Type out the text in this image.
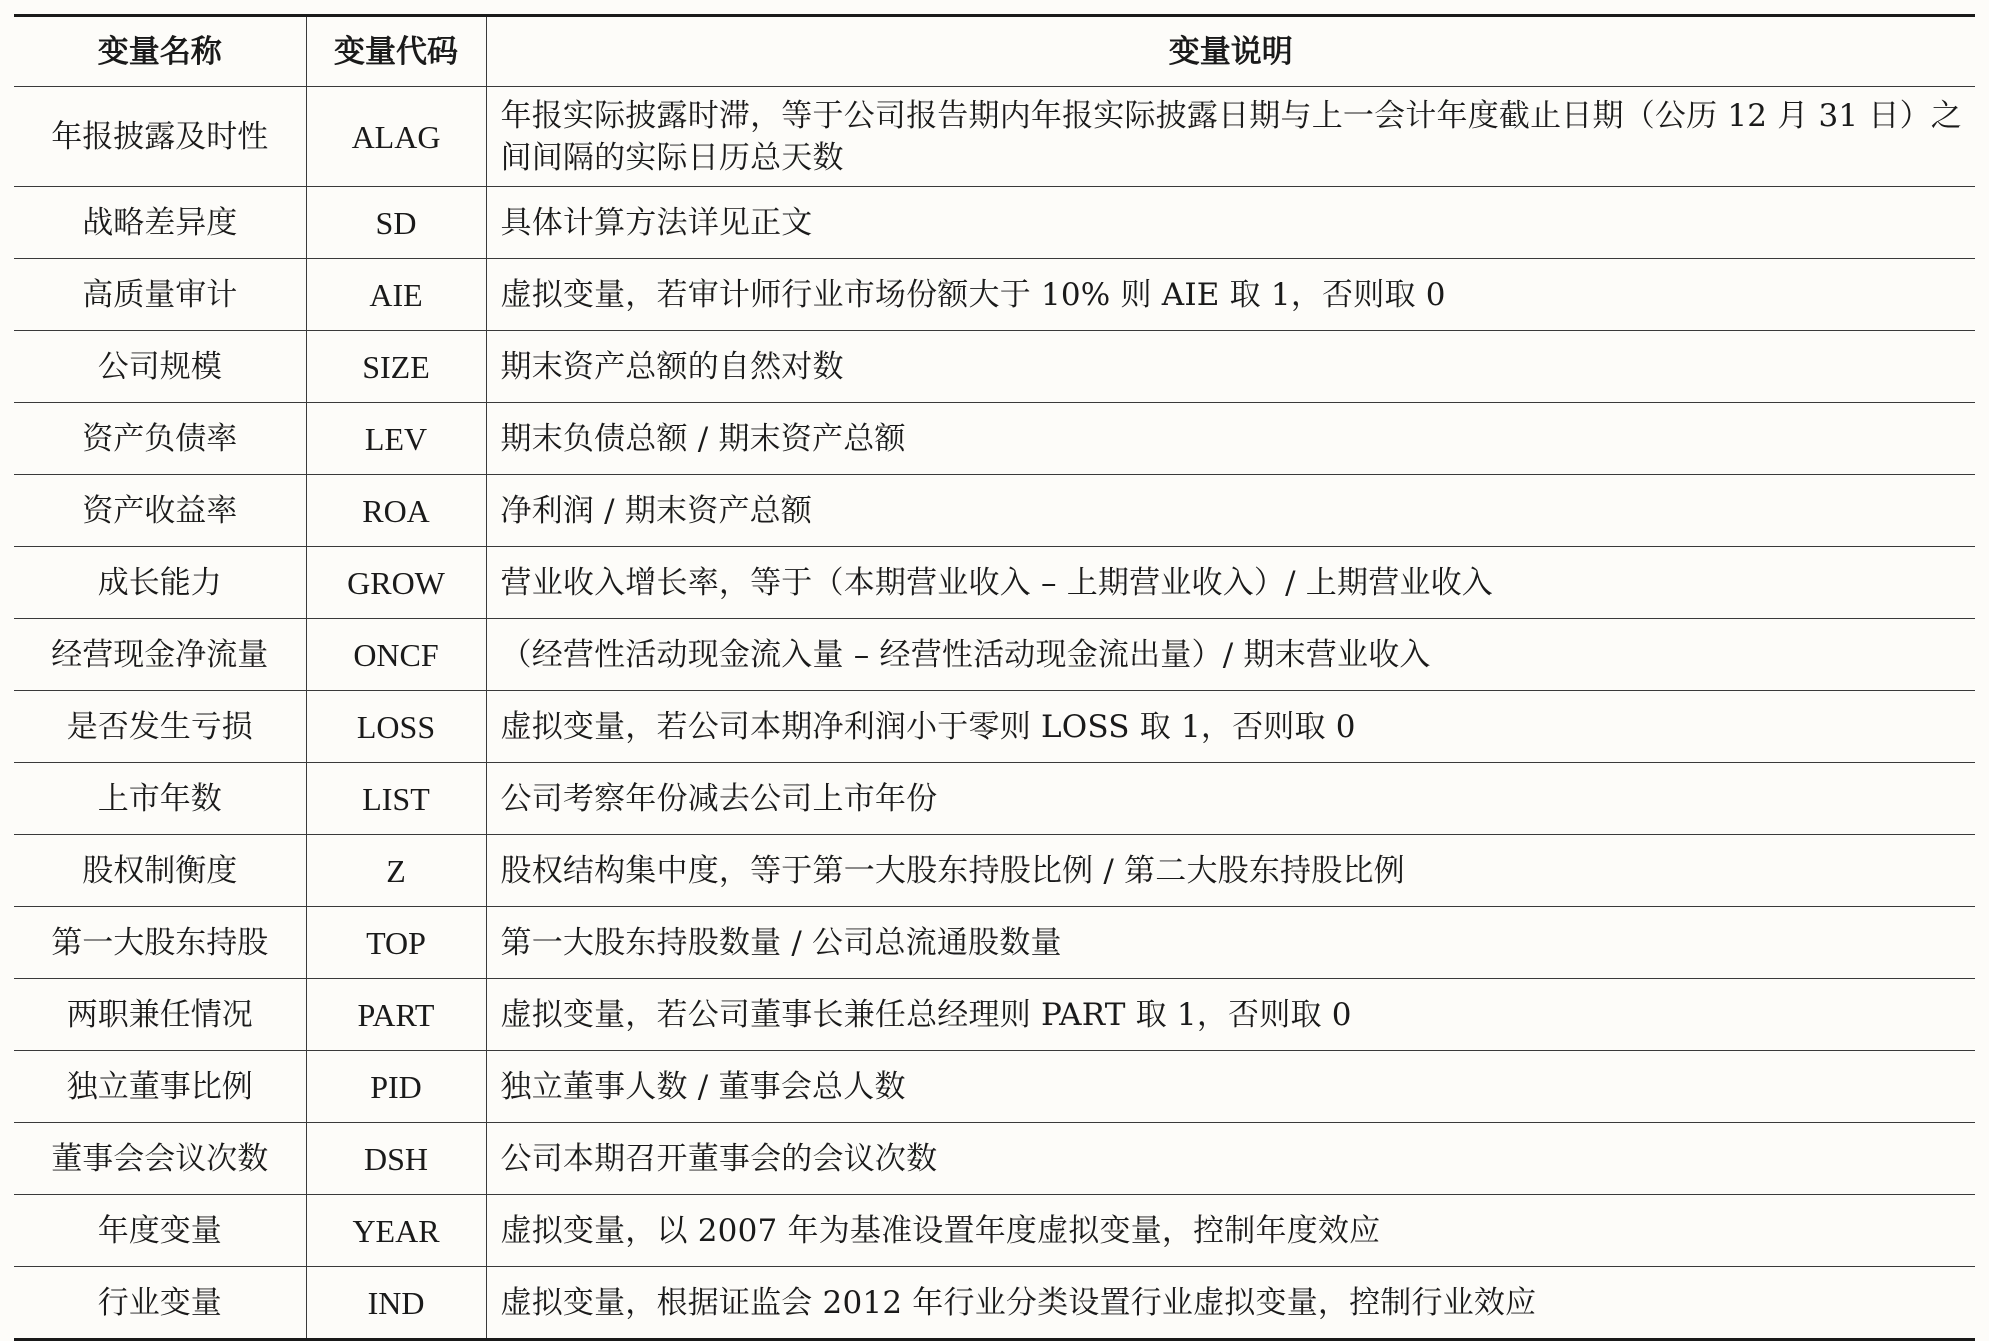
变量名称	变量代码	变量说明
年报披露及时性	ALAG	年报实际披露时滞，等于公司报告期内年报实际披露日期与上一会计年度截止日期（公历 12 月 31 日）之间间隔的实际日历总天数
战略差异度	SD	具体计算方法详见正文
高质量审计	AIE	虚拟变量，若审计师行业市场份额大于 10% 则 AIE 取 1，否则取 0
公司规模	SIZE	期末资产总额的自然对数
资产负债率	LEV	期末负债总额 / 期末资产总额
资产收益率	ROA	净利润 / 期末资产总额
成长能力	GROW	营业收入增长率，等于（本期营业收入 – 上期营业收入）/ 上期营业收入
经营现金净流量	ONCF	（经营性活动现金流入量 – 经营性活动现金流出量）/ 期末营业收入
是否发生亏损	LOSS	虚拟变量，若公司本期净利润小于零则 LOSS 取 1，否则取 0
上市年数	LIST	公司考察年份减去公司上市年份
股权制衡度	Z	股权结构集中度，等于第一大股东持股比例 / 第二大股东持股比例
第一大股东持股	TOP	第一大股东持股数量 / 公司总流通股数量
两职兼任情况	PART	虚拟变量，若公司董事长兼任总经理则 PART 取 1，否则取 0
独立董事比例	PID	独立董事人数 / 董事会总人数
董事会会议次数	DSH	公司本期召开董事会的会议次数
年度变量	YEAR	虚拟变量，以 2007 年为基准设置年度虚拟变量，控制年度效应
行业变量	IND	虚拟变量，根据证监会 2012 年行业分类设置行业虚拟变量，控制行业效应
